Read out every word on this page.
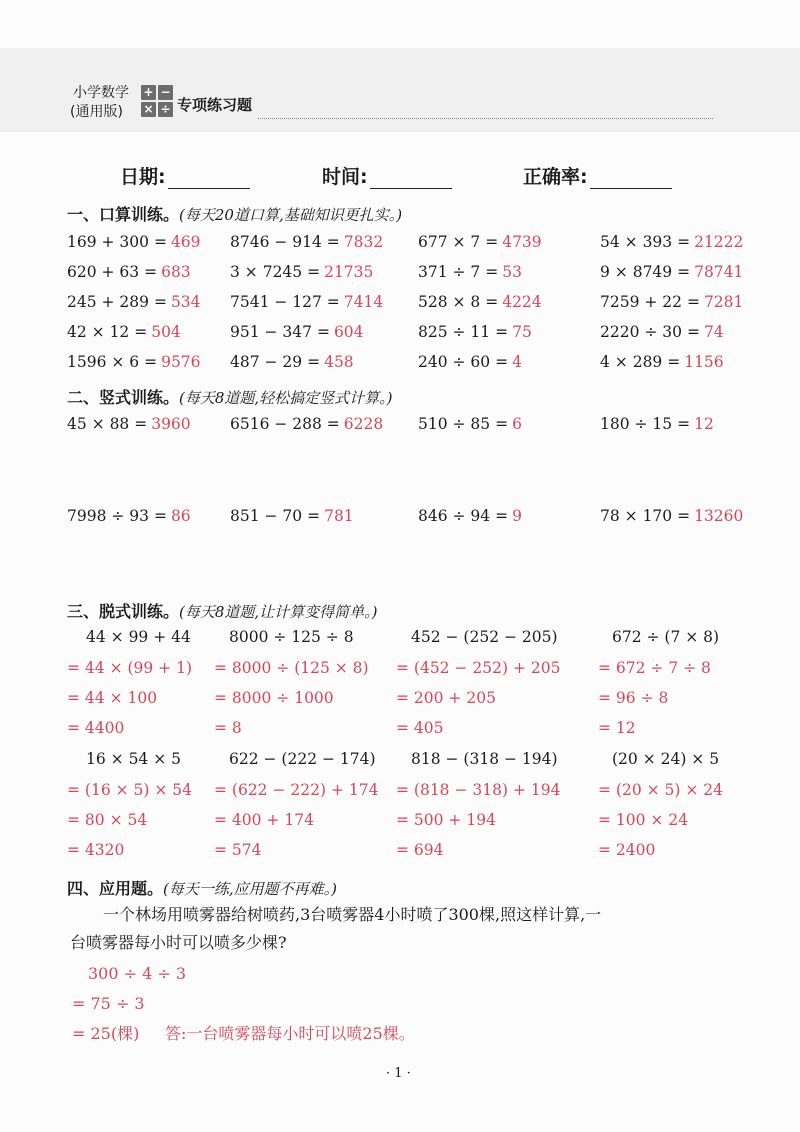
小学数学
(通用版)
+ −
× ÷ 专项练习题
日期:	时间:	正确率:
一、口算训练。(每天20道口算,基础知识更扎实。)
169 + 300 = 469 8746 − 914 = 7832 677 × 7 = 4739	54 × 393 = 21222
620 + 63 = 683	3 × 7245 = 21735	371 ÷ 7 = 53	9 × 8749 = 78741
245 + 289 = 534 7541 − 127 = 7414 528 × 8 = 4224	7259 + 22 = 7281
42 × 12 = 504	951 − 347 = 604	825 ÷ 11 = 75	2220 ÷ 30 = 74
1596 × 6 = 9576 487 − 29 = 458	240 ÷ 60 = 4	4 × 289 = 1156
二、竖式训练。(每天8道题,轻松搞定竖式计算。)
45 × 88 = 3960	6516 − 288 = 6228 510 ÷ 85 = 6	180 ÷ 15 = 12
7998 ÷ 93 = 86	851 − 70 = 781	846 ÷ 94 = 9	78 × 170 = 13260
三、脱式训练。(每天8道题,让计算变得简单。)
44 × 99 + 44
= 44 × (99 + 1)
= 44 × 100
= 4400
8000 ÷ 125 ÷ 8
= 8000 ÷ (125 × 8)
= 8000 ÷ 1000
= 8
452 − (252 − 205)
= (452 − 252) + 205
= 200 + 205
= 405
672 ÷ (7 × 8)
= 672 ÷ 7 ÷ 8
= 96 ÷ 8
= 12
16 × 54 × 5
= (16 × 5) × 54
= 80 × 54
= 4320
622 − (222 − 174)
= (622 − 222) + 174
= 400 + 174
= 574
818 − (318 − 194)
= (818 − 318) + 194
= 500 + 194
= 694
(20 × 24) × 5
= (20 × 5) × 24
= 100 × 24
= 2400
四、应用题。(每天一练,应用题不再难。)
一个林场用喷雾器给树喷药,3台喷雾器4小时喷了300棵,照这样计算,一
台喷雾器每小时可以喷多少棵?
300 ÷ 4 ÷ 3
= 75 ÷ 3
= 25(棵) 答:一台喷雾器每小时可以喷25棵。
· 1 ·
